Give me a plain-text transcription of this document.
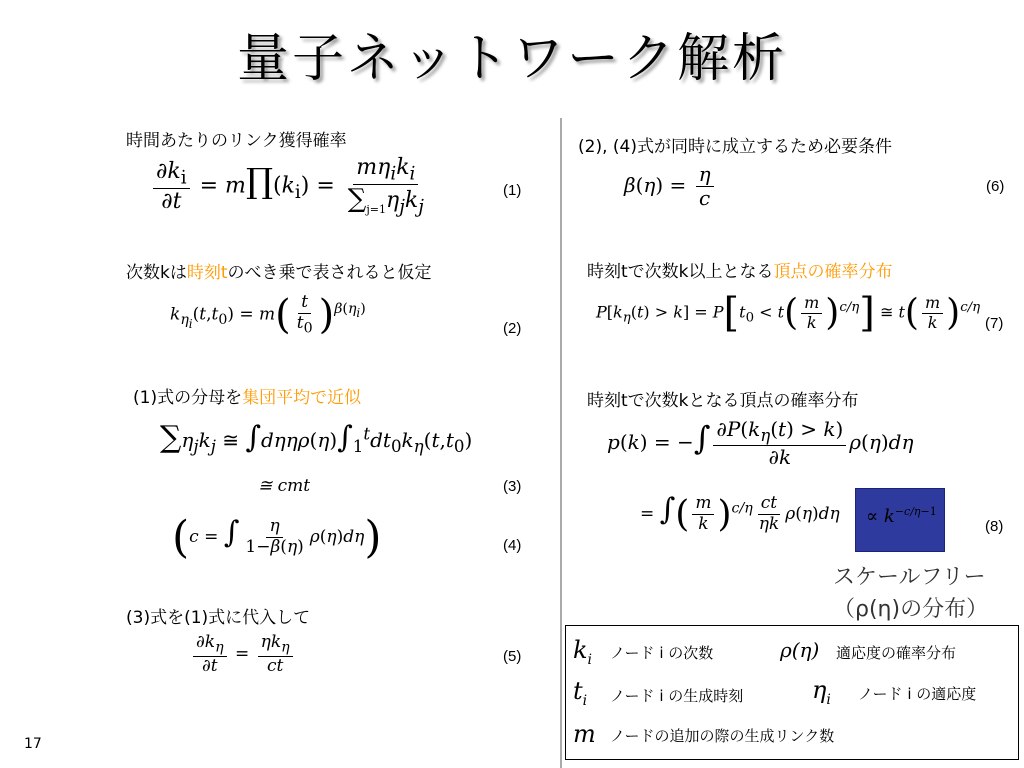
量子ネットワーク解析
時間あたりのリンク獲得確率
$\frac{\partial k_i}{\partial t}$ = $m\prod(k_i) = \frac{m\eta_ik_i}{\sum_{j=1}\eta_jk_j}$	(1)
次数kは時刻tのべき乗で表されると仮定
$k_{\eta_i}(t,t_0) = m( \frac{t}{t_0} )^{\beta(\eta_i)}$
(2)
(1)式の分母を集団平均で近似
$\sum\eta_jk_j$ ≅ $\int d\eta\eta\rho(\eta)\int_1^tdt_0k_\eta(t,t_0)$
≅ cmt	(3)
(c = ∫ $\frac{\eta}{1-\beta(\eta)} \rho(\eta)d\eta$)	(4)
(3)式を(1)式に代入して
$\frac{\partial k_\eta}{\partial t} = \frac{\eta k_\eta}{ct}$	(5)
(2), (4)式が同時に成立するため必要条件
$\beta(\eta) = \frac{\eta}{c}$	(6)
時刻tで次数k以上となる頂点の確率分布
$P[k_\eta(t) > k] = P[t_0 < t( \frac{m}{k} )^{c/\eta}]$ ≅ $t( \frac{m}{k} )^{c/\eta}$
(7)
時刻tで次数kとなる頂点の確率分布
p(k) = −∫ $\frac{\partial P(k_\eta(t) > k)}{\partial k} \rho(\eta)d\eta$
= ∫( $\frac{m}{k} )^{c/\eta} \frac{ct}{\eta k} \rho(\eta)d\eta \propto k^{-c/\eta-1}$
(8)
スケールフリー
（ρ(η)の分布）
$k_i$ ノード i の次数	ρ(η) 適応度の確率分布
$t_i$ ノード i の生成時刻	$\eta_i$ ノード i の適応度
m ノードの追加の際の生成リンク数
17
